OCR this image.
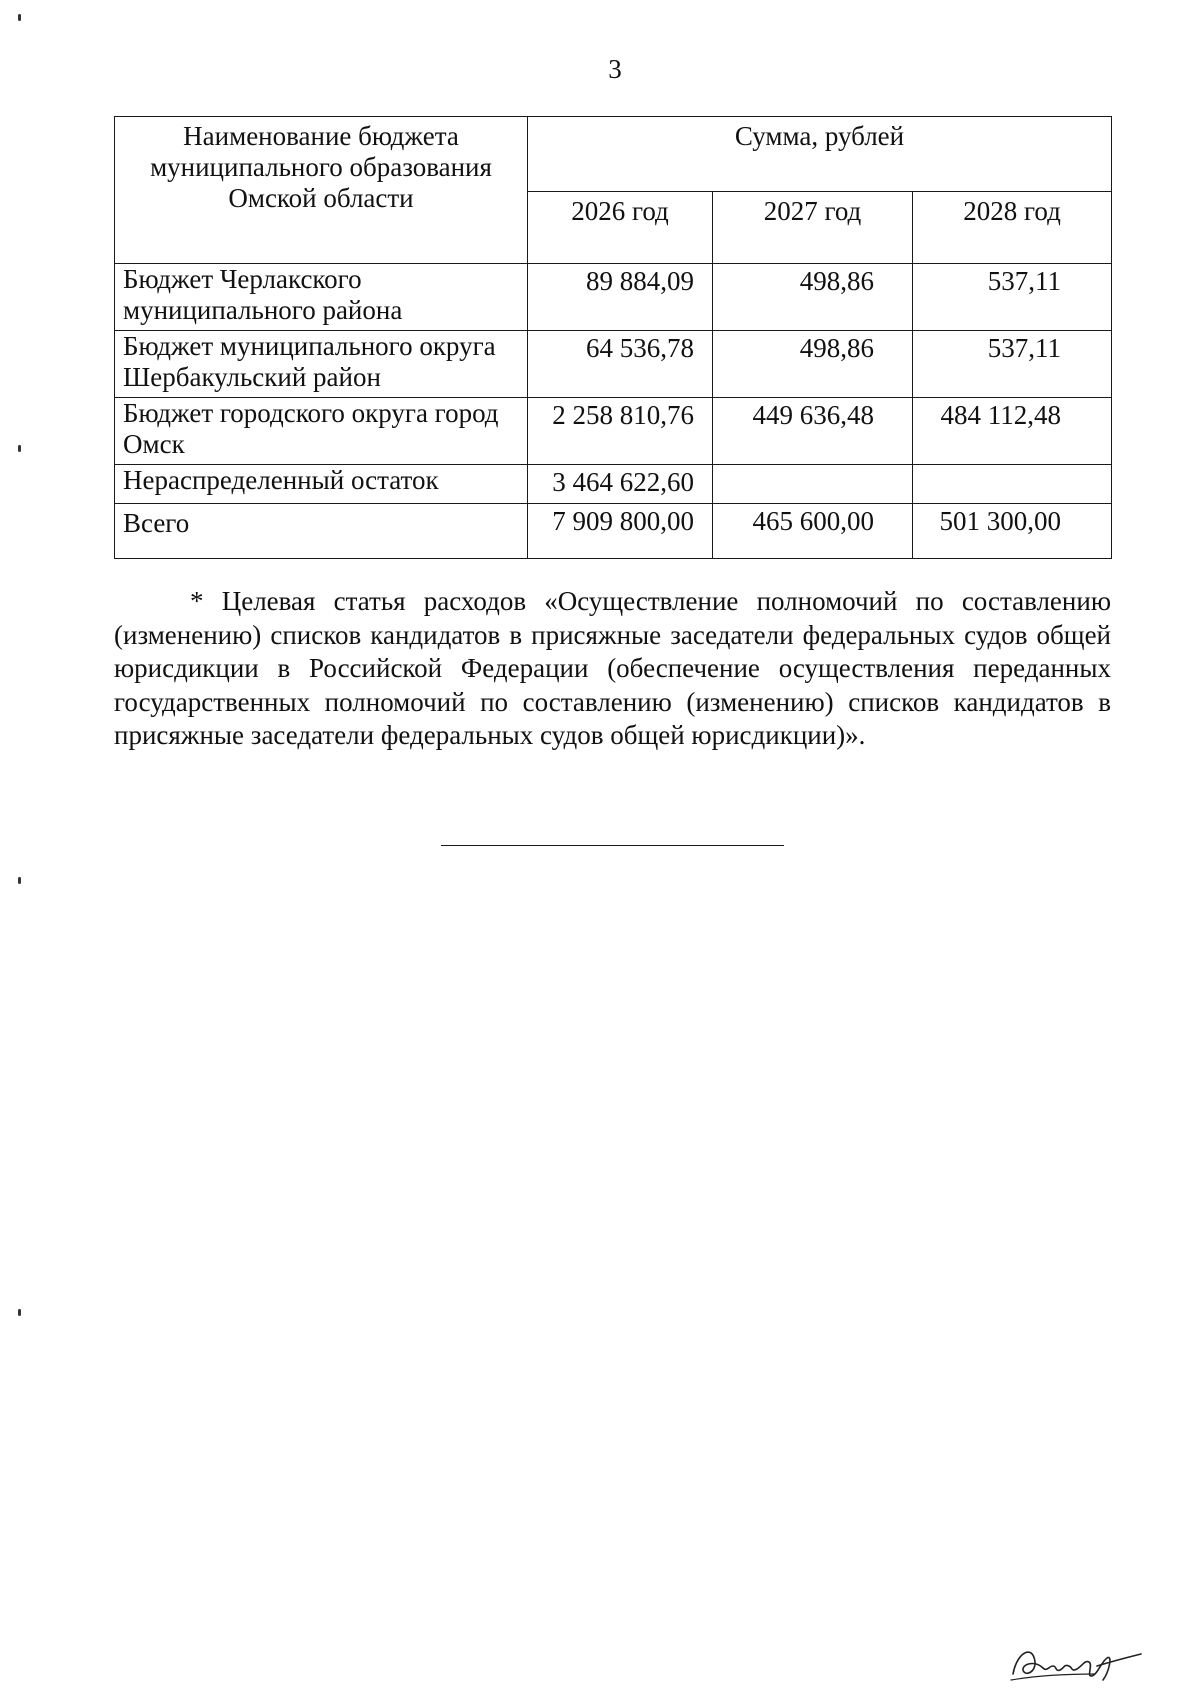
3
Наименование бюджета муниципального образования Омской области	Сумма, рублей		
	2026 год	2027 год	2028 год
Бюджет Черлакского муниципального района	89 884,09	498,86	537,11
Бюджет муниципального округа Шербакульский район	64 536,78	498,86	537,11
Бюджет городского округа город Омск	2 258 810,76	449 636,48	484 112,48
Нераспределенный остаток	3 464 622,60		
Всего	7 909 800,00	465 600,00	501 300,00

* Целевая статья расходов «Осуществление полномочий по составлению (изменению) списков кандидатов в присяжные заседатели федеральных судов общей юрисдикции в Российской Федерации (обеспечение осуществления переданных государственных полномочий по составлению (изменению) списков кандидатов в присяжные заседатели федеральных судов общей юрисдикции)».
